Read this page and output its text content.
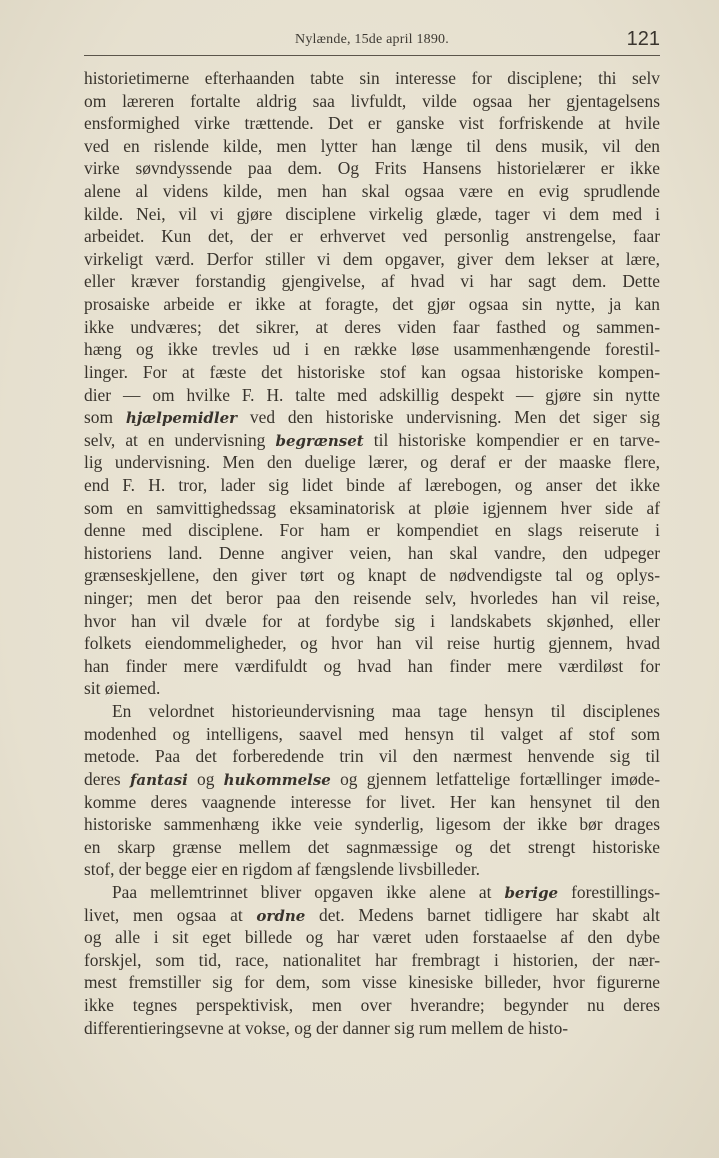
Nylænde, 15de april 1890.	121
historietimerne efterhaanden tabte sin interesse for disciplene; thi selv
om læreren fortalte aldrig saa livfuldt, vilde ogsaa her gjentagelsens
ensformighed virke trættende. Det er ganske vist forfriskende at hvile
ved en rislende kilde, men lytter han længe til dens musik, vil den
virke søvndyssende paa dem. Og Frits Hansens historielærer er ikke
alene al videns kilde, men han skal ogsaa være en evig sprudlende
kilde. Nei, vil vi gjøre disciplene virkelig glæde, tager vi dem med i
arbeidet. Kun det, der er erhvervet ved personlig anstrengelse, faar
virkeligt værd. Derfor stiller vi dem opgaver, giver dem lekser at lære,
eller kræver forstandig gjengivelse, af hvad vi har sagt dem. Dette
prosaiske arbeide er ikke at foragte, det gjør ogsaa sin nytte, ja kan
ikke undværes; det sikrer, at deres viden faar fasthed og sammen-
hæng og ikke trevles ud i en række løse usammenhængende forestil-
linger. For at fæste det historiske stof kan ogsaa historiske kompen-
dier — om hvilke F. H. talte med adskillig despekt — gjøre sin nytte
som hjælpemidler ved den historiske undervisning. Men det siger sig
selv, at en undervisning begrænset til historiske kompendier er en tarve-
lig undervisning. Men den duelige lærer, og deraf er der maaske flere,
end F. H. tror, lader sig lidet binde af lærebogen, og anser det ikke
som en samvittighedssag eksaminatorisk at pløie igjennem hver side af
denne med disciplene. For ham er kompendiet en slags reiserute i
historiens land. Denne angiver veien, han skal vandre, den udpeger
grænseskjellene, den giver tørt og knapt de nødvendigste tal og oplys-
ninger; men det beror paa den reisende selv, hvorledes han vil reise,
hvor han vil dvæle for at fordybe sig i landskabets skjønhed, eller
folkets eiendommeligheder, og hvor han vil reise hurtig gjennem, hvad
han finder mere værdifuldt og hvad han finder mere værdiløst for
sit øiemed.
En velordnet historieundervisning maa tage hensyn til disciplenes
modenhed og intelligens, saavel med hensyn til valget af stof som
metode. Paa det forberedende trin vil den nærmest henvende sig til
deres fantasi og hukommelse og gjennem letfattelige fortællinger imøde-
komme deres vaagnende interesse for livet. Her kan hensynet til den
historiske sammenhæng ikke veie synderlig, ligesom der ikke bør drages
en skarp grænse mellem det sagnmæssige og det strengt historiske
stof, der begge eier en rigdom af fængslende livsbilleder.
Paa mellemtrinnet bliver opgaven ikke alene at berige forestillings-
livet, men ogsaa at ordne det. Medens barnet tidligere har skabt alt
og alle i sit eget billede og har været uden forstaaelse af den dybe
forskjel, som tid, race, nationalitet har frembragt i historien, der nær-
mest fremstiller sig for dem, som visse kinesiske billeder, hvor figurerne
ikke tegnes perspektivisk, men over hverandre; begynder nu deres
differentieringsevne at vokse, og der danner sig rum mellem de histo-
